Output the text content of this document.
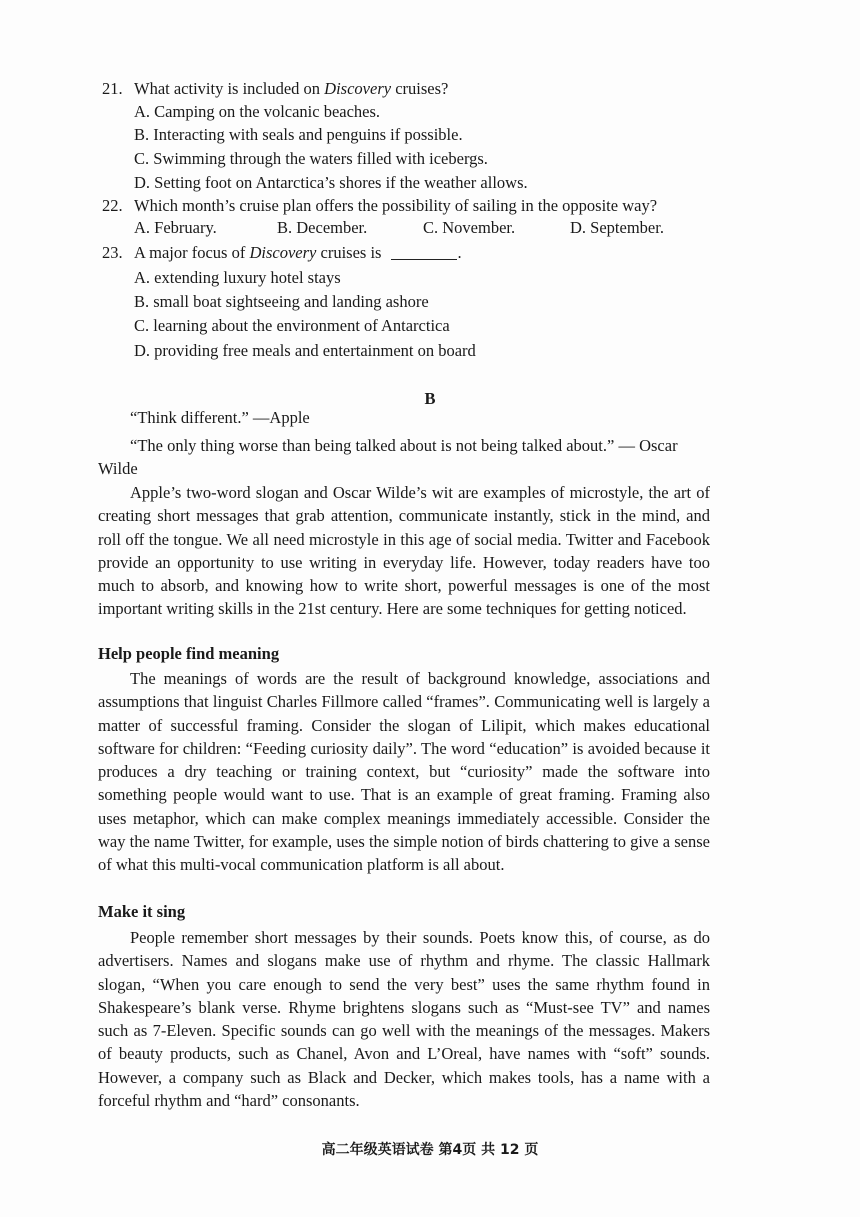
21. What activity is included on Discovery cruises?
A. Camping on the volcanic beaches.
B. Interacting with seals and penguins if possible.
C. Swimming through the waters filled with icebergs.
D. Setting foot on Antarctica’s shores if the weather allows.
22. Which month’s cruise plan offers the possibility of sailing in the opposite way?
A. February.	B. December.	C. November.	D. September.
23. A major focus of Discovery cruises is	.
A. extending luxury hotel stays
B. small boat sightseeing and landing ashore
C. learning about the environment of Antarctica
D. providing free meals and entertainment on board
B
“Think different.” —Apple
“The only thing worse than being talked about is not being talked about.” — Oscar Wilde
Apple’s two-word slogan and Oscar Wilde’s wit are examples of microstyle, the art of creating short messages that grab attention, communicate instantly, stick in the mind, and roll off the tongue. We all need microstyle in this age of social media. Twitter and Facebook provide an opportunity to use writing in everyday life. However, today readers have too much to absorb, and knowing how to write short, powerful messages is one of the most important writing skills in the 21st century. Here are some techniques for getting noticed.
Help people find meaning
The meanings of words are the result of background knowledge, associations and assumptions that linguist Charles Fillmore called “frames”. Communicating well is largely a matter of successful framing. Consider the slogan of Lilipit, which makes educational software for children: “Feeding curiosity daily”. The word “education” is avoided because it produces a dry teaching or training context, but “curiosity” made the software into something people would want to use. That is an example of great framing. Framing also uses metaphor, which can make complex meanings immediately accessible. Consider the way the name Twitter, for example, uses the simple notion of birds chattering to give a sense of what this multi-vocal communication platform is all about.
Make it sing
People remember short messages by their sounds. Poets know this, of course, as do advertisers. Names and slogans make use of rhythm and rhyme. The classic Hallmark slogan, “When you care enough to send the very best” uses the same rhythm found in Shakespeare’s blank verse. Rhyme brightens slogans such as “Must-see TV” and names such as 7-Eleven. Specific sounds can go well with the meanings of the messages. Makers of beauty products, such as Chanel, Avon and L’Oreal, have names with “soft” sounds. However, a company such as Black and Decker, which makes tools, has a name with a forceful rhythm and “hard” consonants.
高二年级英语试卷 第4页 共 12 页
